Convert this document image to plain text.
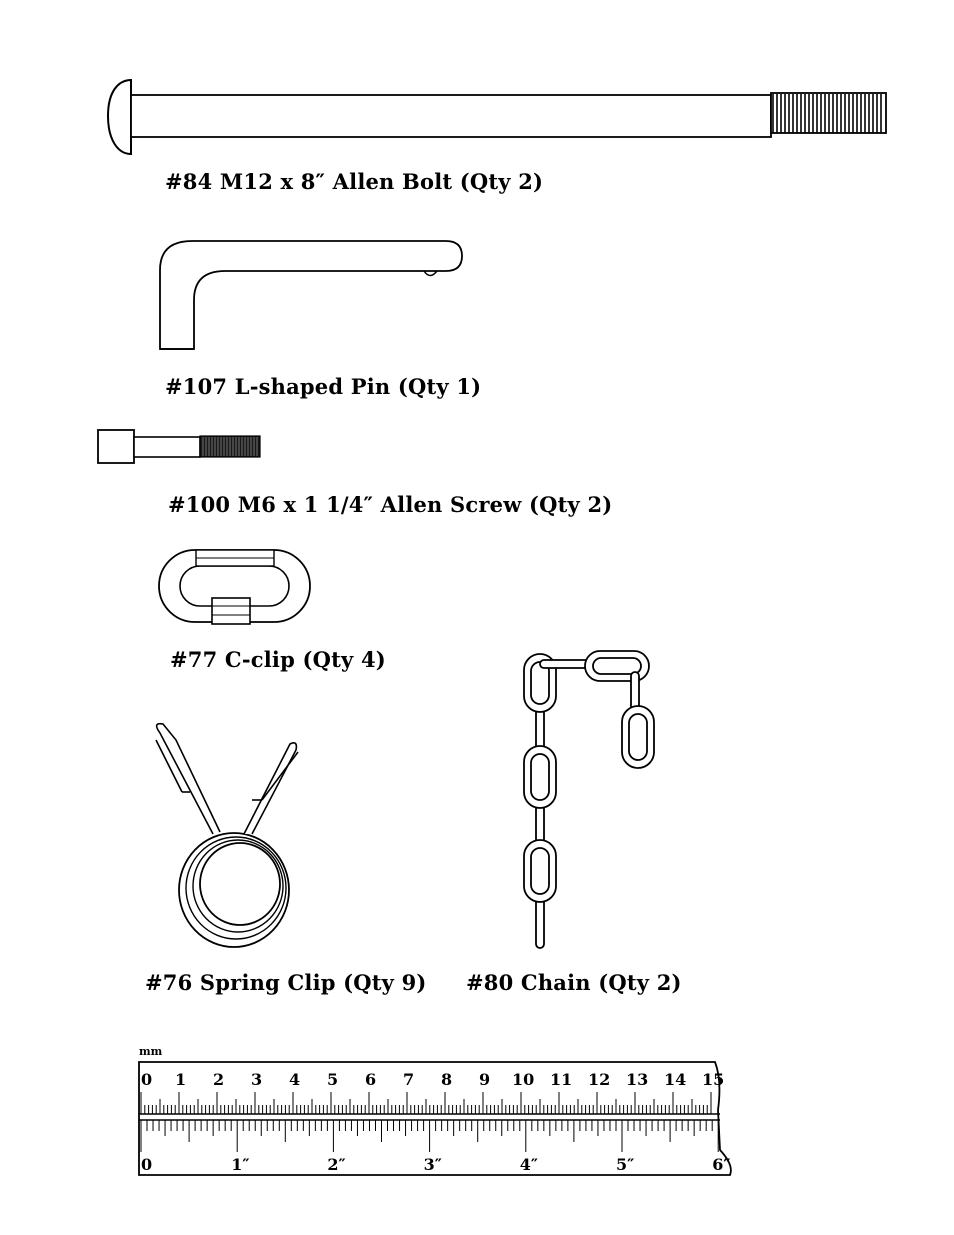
#84 M12 x 8″ Allen Bolt (Qty 2)
#107 L-shaped Pin (Qty 1)
#100 M6 x 1 1/4″ Allen Screw (Qty 2)
#77 C-clip (Qty 4)
#76 Spring Clip (Qty 9) #80 Chain (Qty 2)
mm
0 1 2 3 4 5 6 7 8 9 10 11 12 13 14 15
0	1″	2″	3″	4″	5″	6″
